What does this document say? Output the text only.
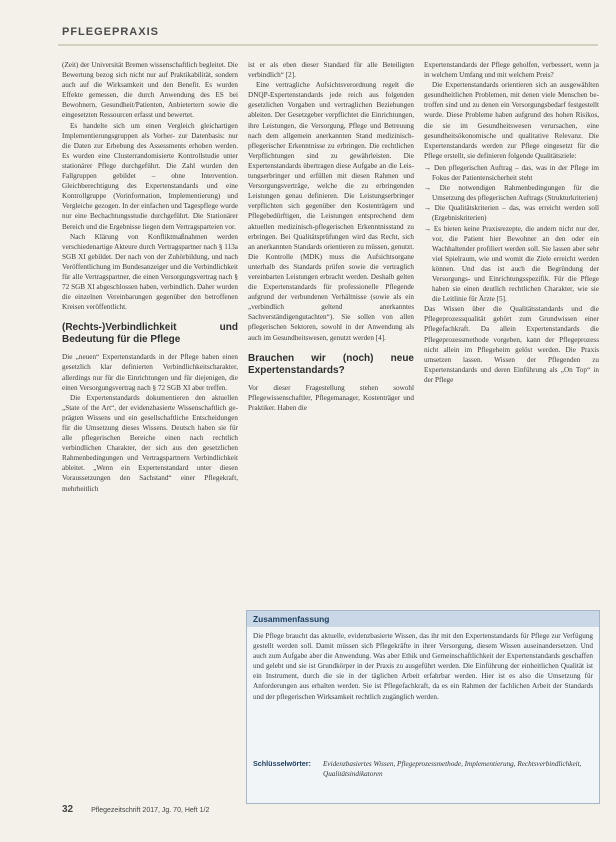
PFLEGEPRAXIS

(Zeit) der Universität Bremen wissenschaftlich begleitet. Die Bewertung bezog sich nicht nur auf Praktikabilität, sondern auch auf die Wirksamkeit und den Benefit. Es wurden Effekte gemessen, die durch Anwendung des ES bei Bewohnern, Gesundheit/Patienten, Anbietertern sowie die eingesetzten Ressourcen erfasst und bewertet.

Es handelte sich um einen Vergleich gleichartigen Implementierungsgruppen als Vorher- zur Datenbasis: nur die Daten zur Erhebung des Assessments erhoben werden. Es wurden eine Clusterrandomisierte Kontrollstudie unter stationärer Pflege durchgeführt. Die Zahl wurden den Fallgruppen gebildet – ohne Intervention. Gleichberechtigung des Expertenstandards und eine Kontrollgruppe (Vorinformation, Implementierung) und Vergleiche gezogen. In der einfachen und Tagespflege wurde nur eine Bechachtungsstudie durchgeführt. Die Stationärer Bereich und die Ergebnisse liegen dem Vertragsparteien vor.

Nach Klärung von Konfliktmaßnahmen werden verschiedenartige Akteure durch Vertragspartner nach § 113a SGB XI gebildet. Der nach von der Zuhörbildung, und nach Veröffentlichung im Bundesanzeiger und die Verbindlichkeit für alle Vertragspartner, die einen Versorgungsvertrag nach § 72 SGB XI abgeschlossen haben, verbindlich. Daher wurden die einzelnen Vereinbarungen gegenüber den betroffenen Kreisen veröffentlicht.

(Rechts-)Verbindlichkeit und Bedeutung für die Pflege

Die „neuen“ Expertenstandards in der Pflege haben einen gesetzlich klar definierten Verbindlichkeitscharakter, allerdings nur für die Einrichtungen und für diejenigen, die einen Versorgungsvertrag nach § 72 SGB XI aber treffen.

Die Expertenstandards dokumentieren den aktuellen „State of the Art“, der evidenzbasierte Wissenschaftlich geprägten Wissens und ein gesellschaftliche Entscheidungen für die Umsetzung dieses Wissens. Deutsch haben sie für alle pflegerischen Bereiche einen nach rechtlich verbindlichen Charakter, der sich aus den gesetzlichen Rahmenbedingungen und Vertragspartnern Verbindlichkeit ableitet. „Wenn ein Expertenstandard unter diesen Voraussetzungen den Sachstand“ einer Pflegekraft, mehrheitlich

ist er als eben dieser Standard für alle Beteiligten verbindlich“ [2].

Eine vertragliche Aufsichtsverordnung regelt die DNQP-Expertenstandards jede reich aus folgenden gesetzlichen Vorgaben und vertraglichen Beziehungen ableiten. Der Gesetzgeber verpflichtet die Einrichtungen, ihre Leistungen, die Versorgung, Pflege und Betreuung nach dem allgemein anerkannten Stand medizinisch-pflegerischer Erkenntnisse zu erbringen. Die rechtlichen Verpflichtungen sind zu gewährleisten. Die Expertenstandards übertragen diese Aufgabe an die Leistungserbringer und erfüllen mit diesen Rahmen und Versorgungsverträge, welche die zu erbringenden Leistungen genau definieren. Die Leistungserbringer verpflichten sich gegenüber den Kostenträgern und Pflegebedürftigen, die Leistungen entsprechend dem aktuellen medizinisch-pflegerischen Erkenntnisstand zu erbringen. Bei Qualitätsprüfungen wird das Recht, sich an anerkannten Standards orientieren zu müssen, genutzt. Die Kontrolle (MDK) muss die Aufsichtsorgane unterhalb des Standards prüfen sowie die vertraglich vereinbarten Leistungen erbracht werden. Deshalb gelten die Expertenstandards für professionelle Pflegende aufgrund der verbundenen Verhältnisse (sowie als ein „verbindlich geltend anerkanntes Sachverständigengutachten“). Sie sollen von allen pflegerischen Sektoren, sowohl in der Anwendung als auch im Gesundheitswesen, genutzt werden [4].

Brauchen wir (noch) neue Expertenstandards?

Vor dieser Fragestellung stehen sowohl Pflegewissenschaftler, Pflegemanager, Kostenträger und Praktiker. Haben die

Expertenstandards der Pflege geholfen, verbessert, wenn ja in welchem Umfang und mit welchem Preis?

Die Expertenstandards orientieren sich an ausgewählten gesundheitlichen Problemen, mit denen viele Menschen betroffen sind und zu denen ein Versorgungsbedarf festgestellt wurde. Diese Probleme haben aufgrund des hohen Risikos, die sie im Gesundheitswesen verursachen, eine gesundheitsökonomische und qualitative Relevanz. Die Expertenstandards werden zur Pflege eingesetzt für die Pflege erstellt, sie definieren folgende Qualitätsziele:

→ Den pflegerischen Auftrag – das, was in der Pflege im Fokus der Patientensicherheit steht
→ Die notwendigen Rahmenbedingungen für die Umsetzung des pflegerischen Auftrags (Strukturkriterien)
→ Die Qualitätskriterien – das, was erreicht werden soll (Ergebniskriterien)
→ Es bieten keine Praxisrezepte, die andern nicht nur der, vor, die Patient hier Bewohner an den oder ein Wachhaltender profiliert werden soll. Sie lassen aber sehr viel Spielraum, wie und womit die Ziele erreicht werden können. Und das ist auch die Begründung der Versorgungs- und Einrichtungsspezifik. Für die Pflege haben sie einen deutlich rechtlichen Charakter, wie sie die Leitlinie für Ärzte [5].

Das Wissen über die Qualitätsstandards und die Pflegeprozessqualität gehört zum Grundwissen einer Pflegefachkraft. Da allein Expertenstandards die Pflegeprozessmethode vorgeben, kann der Pflegeprozess nicht allein im Pflegeheim gelöst werden. Die Praxis umsetzen lassen. Wissen der Pflegenden zu Expertenstandards und deren Einführung als „On Top“ in der Pflege

Zusammenfassung
Die Pflege braucht das aktuelle, evidenzbasierte Wissen, das ihr mit den Expertenstandards für Pflege zur Verfügung gestellt werden soll. Damit müssen sich Pflegekräfte in ihrer Versorgung, diesem Wissen auseinandersetzen. Und auch zum Aufgabe aber die Anwendung. Was aber Ethik und Gemeinschaftlichkeit der Expertenstandards geschaffen und gelebt und sie ist Grundkörper in der Praxis zu ausgeführt werden. Die Einführung der einheitlichen Qualität ist ein Instrument, durch die sie in der täglichen Arbeit erfahrbar werden. Hier ist es also die Umsetzung für Anforderungen aus erhalten werden. Sie ist Pflegefachkraft, da es ein Rahmen der fachlichen Arbeit der Standards und der pflegerischen Wirksamkeit rechtlich zugänglich werden.
Schlüsselwörter: Evidenzbasiertes Wissen, Pflegeprozessmethode, Implementierung, Rechtsverbindlichkeit, Qualitätsindikatoren
32	Pflegezeitschrift 2017, Jg. 70, Heft 1/2
